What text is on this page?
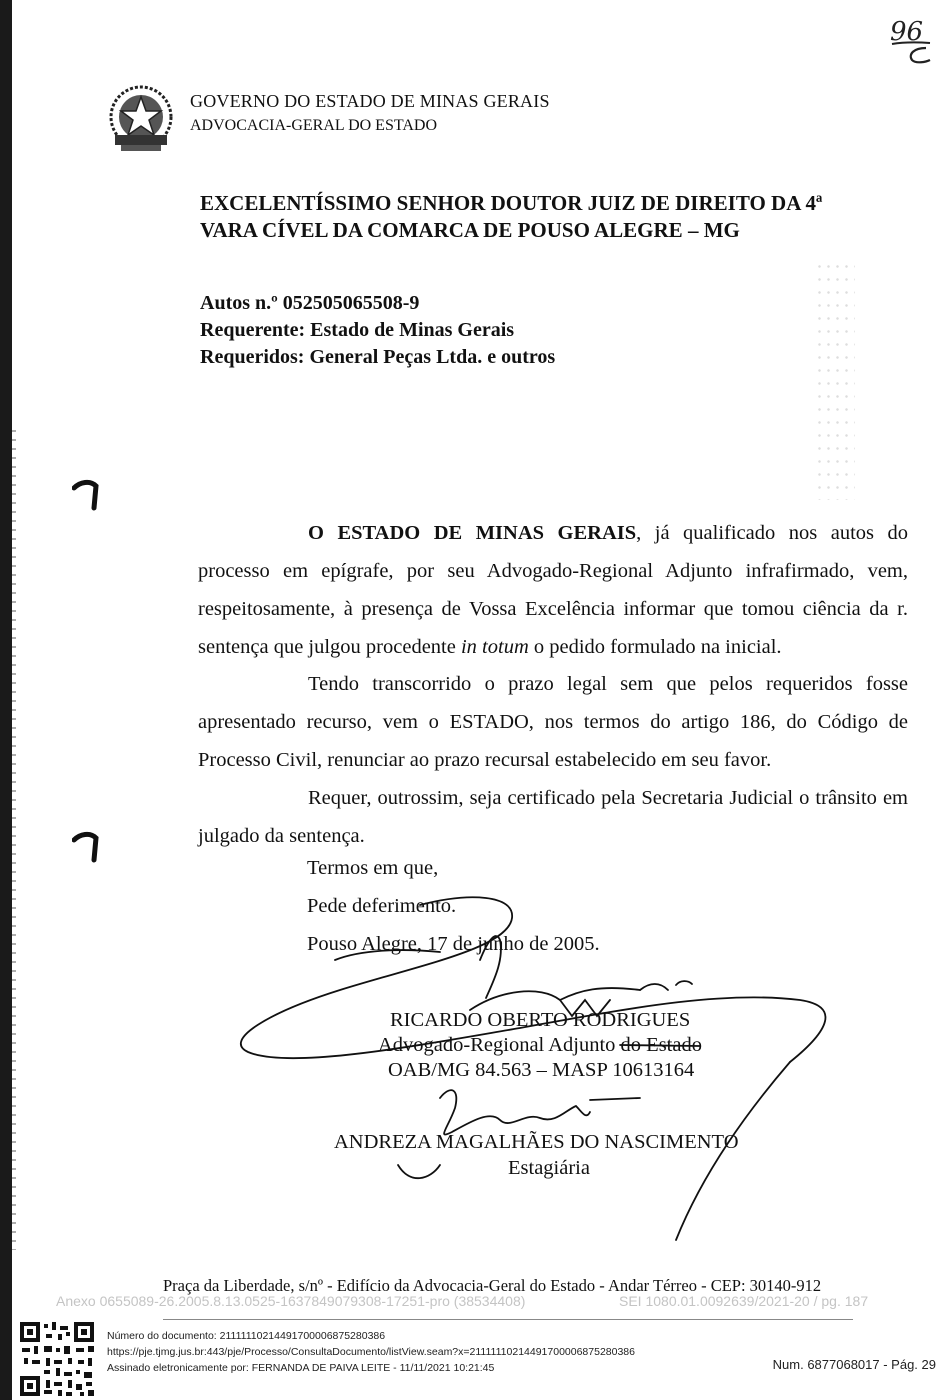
96
GOVERNO DO ESTADO DE MINAS GERAIS
ADVOCACIA-GERAL DO ESTADO
EXCELENTÍSSIMO SENHOR DOUTOR JUIZ DE DIREITO DA 4ª
VARA CÍVEL DA COMARCA DE POUSO ALEGRE – MG
Autos n.º 052505065508-9
Requerente: Estado de Minas Gerais
Requeridos: General Peças Ltda. e outros
O ESTADO DE MINAS GERAIS, já qualificado nos autos do processo em epígrafe, por seu Advogado-Regional Adjunto infrafirmado, vem, respeitosamente, à presença de Vossa Excelência informar que tomou ciência da r. sentença que julgou procedente in totum o pedido formulado na inicial.
Tendo transcorrido o prazo legal sem que pelos requeridos fosse apresentado recurso, vem o ESTADO, nos termos do artigo 186, do Código de Processo Civil, renunciar ao prazo recursal estabelecido em seu favor.
Requer, outrossim, seja certificado pela Secretaria Judicial o trânsito em julgado da sentença.
Termos em que,
Pede deferimento.
Pouso Alegre, 17 de junho de 2005.
RICARDO OBERTO RODRIGUES
Advogado-Regional Adjunto do Estado
OAB/MG 84.563 – MASP 10613164
ANDREZA MAGALHÃES DO NASCIMENTO
Estagiária
Praça da Liberdade, s/nº - Edifício da Advocacia-Geral do Estado - Andar Térreo - CEP: 30140-912
Anexo 0655089-26.2005.8.13.0525-1637849079308-17251-pro (38534408)	SEI 1080.01.0092639/2021-20 / pg. 187
Número do documento: 21111110214491700006875280386
https://pje.tjmg.jus.br:443/pje/Processo/ConsultaDocumento/listView.seam?x=21111110214491700006875280386
Assinado eletronicamente por: FERNANDA DE PAIVA LEITE - 11/11/2021 10:21:45	Num. 6877068017 - Pág. 29
